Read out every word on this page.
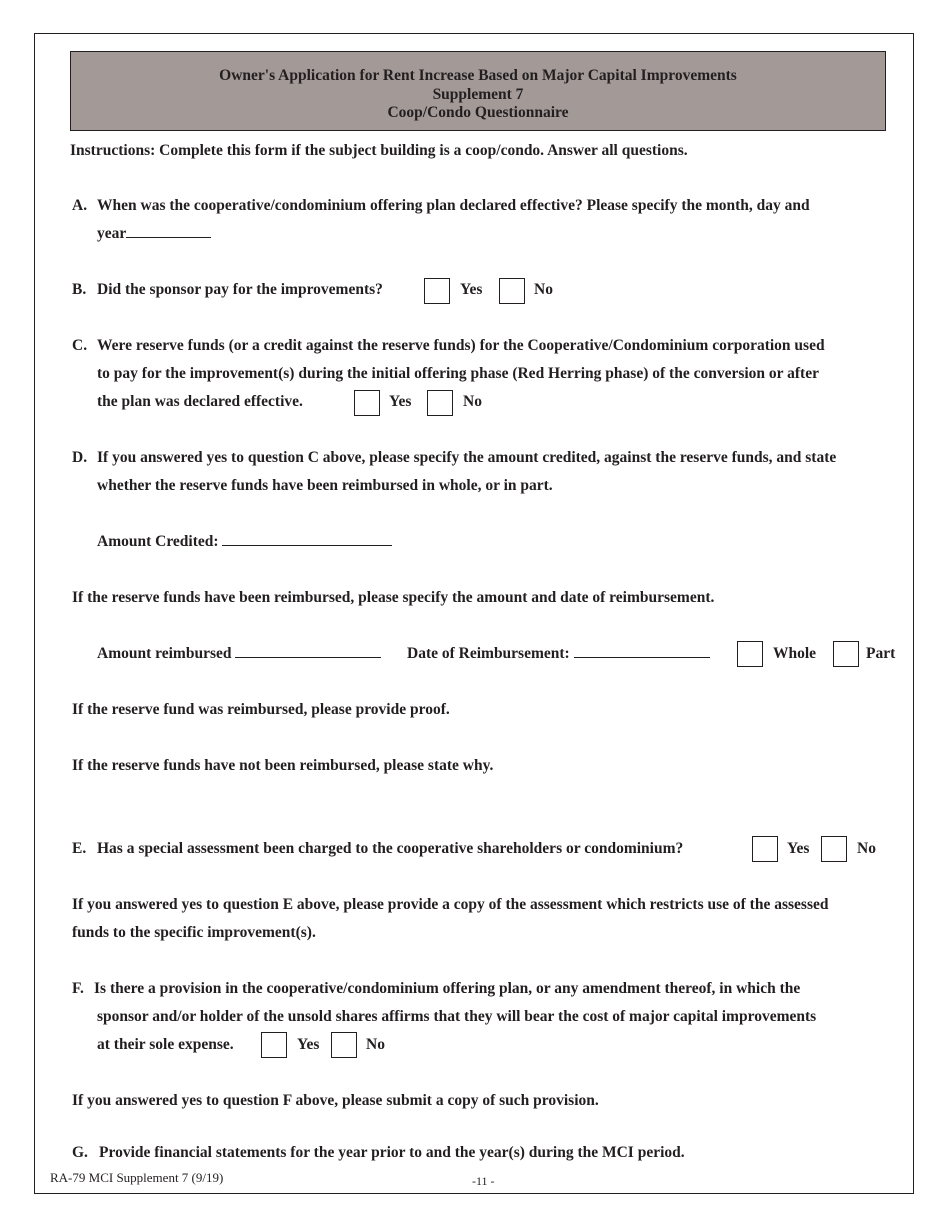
Owner's Application for Rent Increase Based on Major Capital Improvements
Supplement 7
Coop/Condo Questionnaire
Instructions: Complete this form if the subject building is a coop/condo. Answer all questions.
A. When was the cooperative/condominium offering plan declared effective? Please specify the month, day and
year
B. Did the sponsor pay for the improvements?	Yes	No
C. Were reserve funds (or a credit against the reserve funds) for the Cooperative/Condominium corporation used
to pay for the improvement(s) during the initial offering phase (Red Herring phase) of the conversion or after
the plan was declared effective.	Yes	No
D. If you answered yes to question C above, please specify the amount credited, against the reserve funds, and state
whether the reserve funds have been reimbursed in whole, or in part.
Amount Credited:
If the reserve funds have been reimbursed, please specify the amount and date of reimbursement.
Amount reimbursed	Date of Reimbursement:	Whole	Part
If the reserve fund was reimbursed, please provide proof.
If the reserve funds have not been reimbursed, please state why.
E. Has a special assessment been charged to the cooperative shareholders or condominium?	Yes	No
If you answered yes to question E above, please provide a copy of the assessment which restricts use of the assessed
funds to the specific improvement(s).
F. Is there a provision in the cooperative/condominium offering plan, or any amendment thereof, in which the
sponsor and/or holder of the unsold shares affirms that they will bear the cost of major capital improvements
at their sole expense.	Yes	No
If you answered yes to question F above, please submit a copy of such provision.
G. Provide financial statements for the year prior to and the year(s) during the MCI period.
RA-79 MCI Supplement 7 (9/19)	-11 -
